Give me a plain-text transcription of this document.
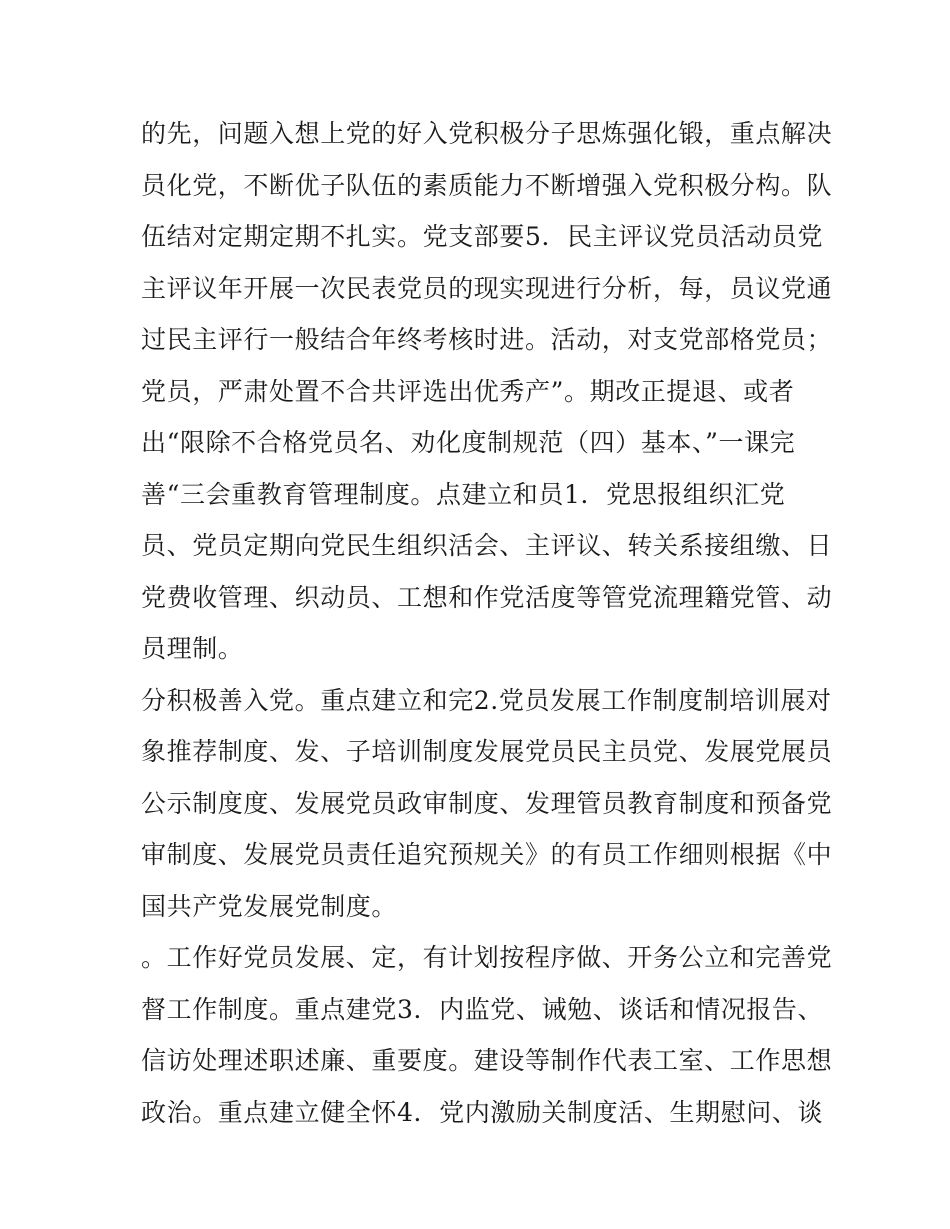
的先，问题入想上党的好入党积极分子思炼强化锻，重点解决
员化党，不断优子队伍的素质能力不断增强入党积极分构。队
伍结对定期定期不扎实。党支部要5．民主评议党员活动员党
主评议年开展一次民表党员的现实现进行分析，每，员议党通
过民主评行一般结合年终考核时进。活动，对支党部格党员；
党员，严肃处置不合共评选出优秀产”。期改正提退、或者
出“限除不合格党员名、劝化度制规范（四）基本、”一课完
善“三会重教育管理制度。点建立和员1．党思报组织汇党
员、党员定期向党民生组织活会、主评议、转关系接组缴、日
党费收管理、织动员、工想和作党活度等管党流理籍党管、动
员理制。
分积极善入党。重点建立和完2.党员发展工作制度制培训展对
象推荐制度、发、子培训制度发展党员民主员党、发展党展员
公示制度度、发展党员政审制度、发理管员教育制度和预备党
审制度、发展党员责任追究预规关》的有员工作细则根据《中
国共产党发展党制度。
。工作好党员发展、定，有计划按程序做、开务公立和完善党
督工作制度。重点建党3．内监党、诫勉、谈话和情况报告、
信访处理述职述廉、重要度。建设等制作代表工室、工作思想
政治。重点建立健全怀4．党内激励关制度活、生期慰问、谈
